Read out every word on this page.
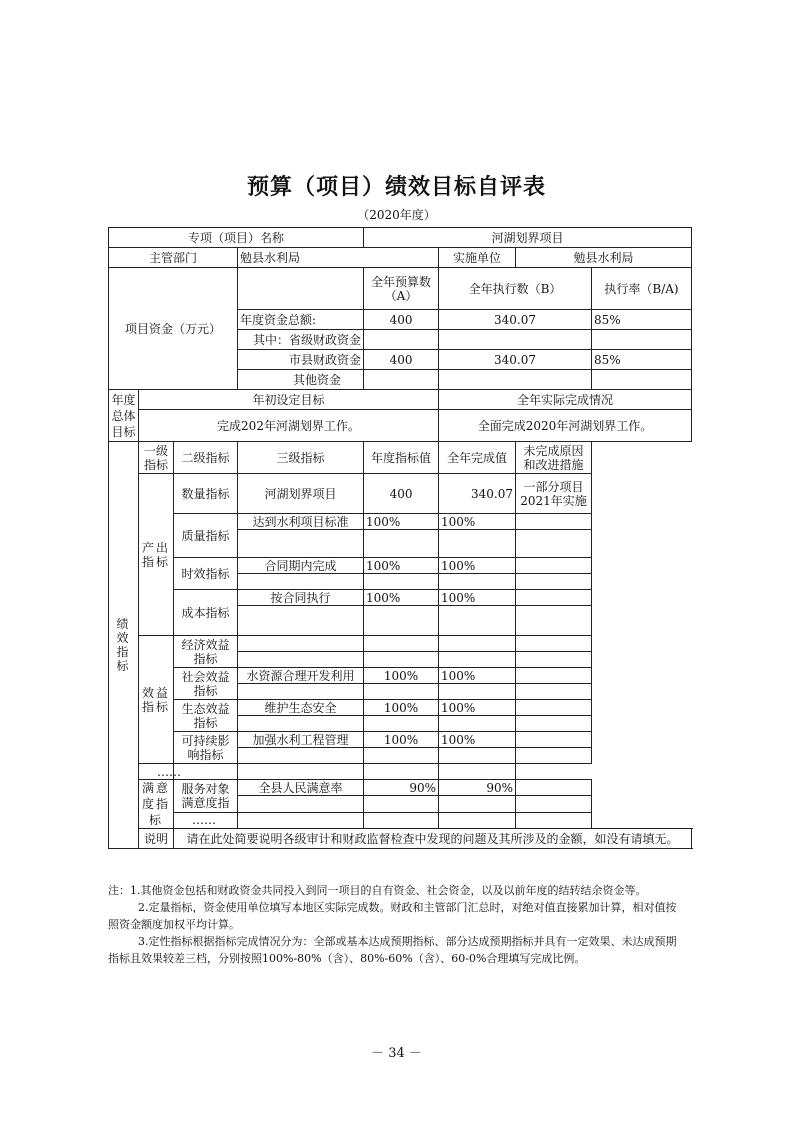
预算（项目）绩效目标自评表
（2020年度）
专项（项目）名称				河湖划界项目			
主管部门			勉县水利局		实施单位	勉县水利局	
项目资金（万元）				全年预算数（A）	全年执行数（B）		执行率（B/A)
			年度资金总额:	400	340.07		85%
			其中：省级财政资金				
			市县财政资金	400	340.07		85%
			其他资金				
年度总体目标	年初设定目标				全年实际完成情况		
	完成202年河湖划界工作。				全面完成2020年河湖划界工作。		
绩效指标	一级指标	二级指标	三级指标	年度指标值	全年完成值	未完成原因和改进措施	
	产出指标	数量指标	河湖划界项目	400	340.07	一部分项目2021年实施	
		质量指标	达到水利项目标准	100%	100%		

		时效指标	合同期内完成	100%	100%		

		成本指标	按合同执行	100%	100%		

	效益指标	经济效益指标					

		社会效益指标	水资源合理开发利用	100%	100%		

		生态效益指标	维护生态安全	100%	100%		

		可持续影响指标	加强水利工程管理	100%	100%		

	……						
	满意度指标	服务对象满意度指	全县人民满意率	90%	90%		

		……					
	说明	请在此处简要说明各级审计和财政监督检查中发现的问题及其所涉及的金额，如没有请填无。					
注：1.其他资金包括和财政资金共同投入到同一项目的自有资金、社会资金，以及以前年度的结转结余资金等。
2.定量指标，资金使用单位填写本地区实际完成数。财政和主管部门汇总时，对绝对值直接累加计算，相对值按
照资金额度加权平均计算。
3.定性指标根据指标完成情况分为：全部或基本达成预期指标、部分达成预期指标并具有一定效果、未达成预期
指标且效果较差三档，分别按照100%-80%（含）、80%-60%（含）、60-0%合理填写完成比例。
－ 34 －
